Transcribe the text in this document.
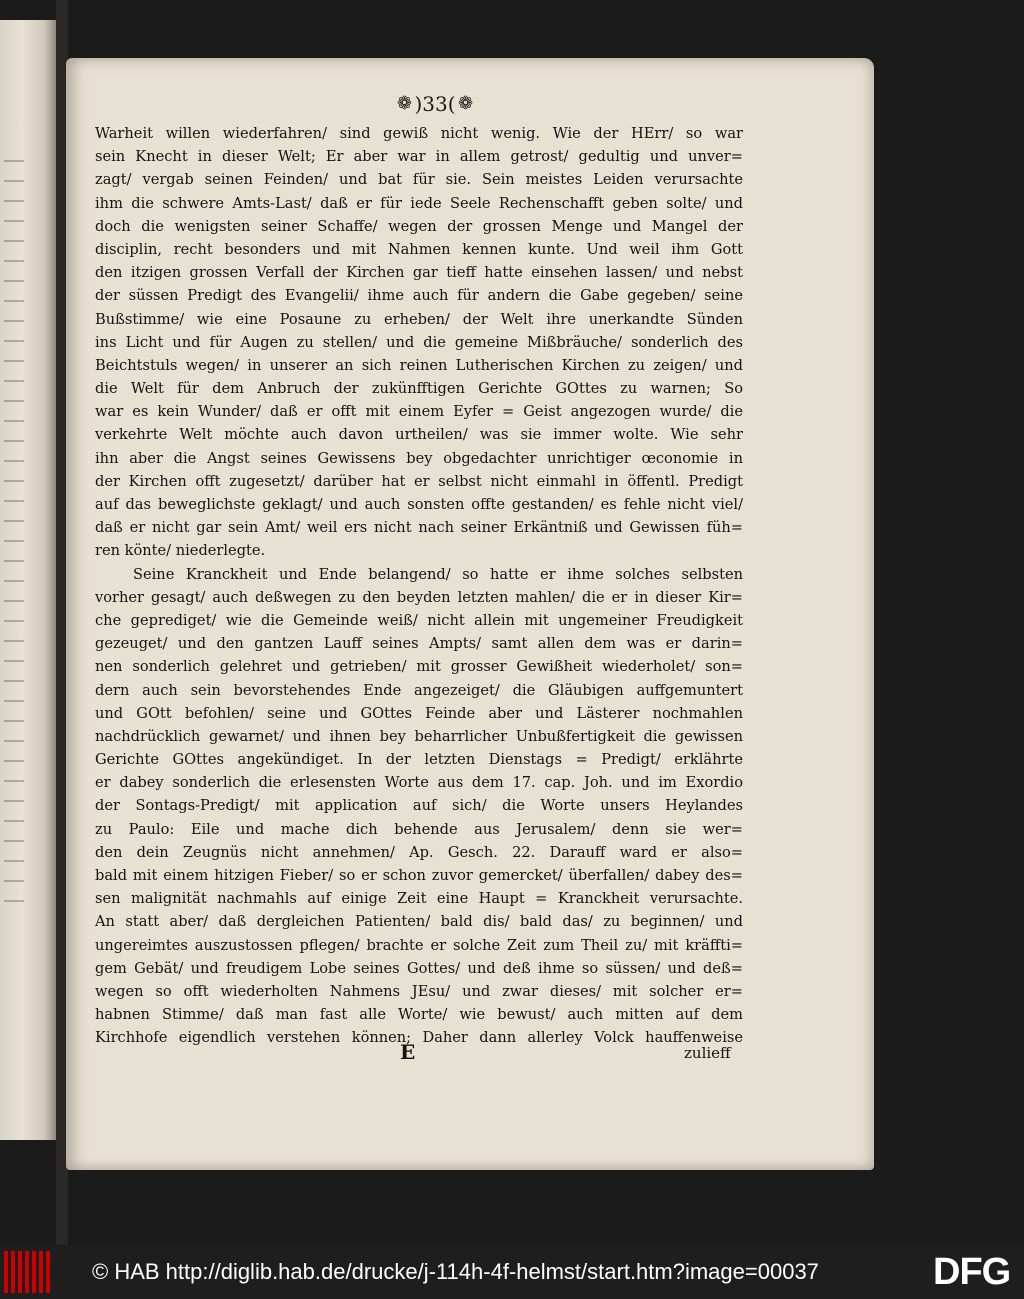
❁ ) 33 ( ❁
Warheit willen wiederfahren/ sind gewiß nicht wenig. Wie der HErr/ so war
sein Knecht in dieser Welt; Er aber war in allem getrost/ gedultig und unver=
zagt/ vergab seinen Feinden/ und bat für sie. Sein meistes Leiden verursachte
ihm die schwere Amts-Last/ daß er für iede Seele Rechenschafft geben solte/ und
doch die wenigsten seiner Schaffe/ wegen der grossen Menge und Mangel der
disciplin, recht besonders und mit Nahmen kennen kunte. Und weil ihm Gott
den itzigen grossen Verfall der Kirchen gar tieff hatte einsehen lassen/ und nebst
der süssen Predigt des Evangelii/ ihme auch für andern die Gabe gegeben/ seine
Bußstimme/ wie eine Posaune zu erheben/ der Welt ihre unerkandte Sünden
ins Licht und für Augen zu stellen/ und die gemeine Mißbräuche/ sonderlich des
Beichtstuls wegen/ in unserer an sich reinen Lutherischen Kirchen zu zeigen/ und
die Welt für dem Anbruch der zukünfftigen Gerichte GOttes zu warnen; So
war es kein Wunder/ daß er offt mit einem Eyfer = Geist angezogen wurde/ die
verkehrte Welt möchte auch davon urtheilen/ was sie immer wolte. Wie sehr
ihn aber die Angst seines Gewissens bey obgedachter unrichtiger œconomie in
der Kirchen offt zugesetzt/ darüber hat er selbst nicht einmahl in öffentl. Predigt
auf das beweglichste geklagt/ und auch sonsten offte gestanden/ es fehle nicht viel/
daß er nicht gar sein Amt/ weil ers nicht nach seiner Erkäntniß und Gewissen füh=
ren könte/ niederlegte.
Seine Kranckheit und Ende belangend/ so hatte er ihme solches selbsten
vorher gesagt/ auch deßwegen zu den beyden letzten mahlen/ die er in dieser Kir=
che geprediget/ wie die Gemeinde weiß/ nicht allein mit ungemeiner Freudigkeit
gezeuget/ und den gantzen Lauff seines Ampts/ samt allen dem was er darin=
nen sonderlich gelehret und getrieben/ mit grosser Gewißheit wiederholet/ son=
dern auch sein bevorstehendes Ende angezeiget/ die Gläubigen auffgemuntert
und GOtt befohlen/ seine und GOttes Feinde aber und Lästerer nochmahlen
nachdrücklich gewarnet/ und ihnen bey beharrlicher Unbußfertigkeit die gewissen
Gerichte GOttes angekündiget. In der letzten Dienstags = Predigt/ erklährte
er dabey sonderlich die erlesensten Worte aus dem 17. cap. Joh. und im Exordio
der Sontags-Predigt/ mit application auf sich/ die Worte unsers Heylandes
zu Paulo: Eile und mache dich behende aus Jerusalem/ denn sie wer=
den dein Zeugnüs nicht annehmen/ Ap. Gesch. 22. Darauff ward er also=
bald mit einem hitzigen Fieber/ so er schon zuvor gemercket/ überfallen/ dabey des=
sen malignität nachmahls auf einige Zeit eine Haupt = Kranckheit verursachte.
An statt aber/ daß dergleichen Patienten/ bald dis/ bald das/ zu beginnen/ und
ungereimtes auszustossen pflegen/ brachte er solche Zeit zum Theil zu/ mit kräffti=
gem Gebät/ und freudigem Lobe seines Gottes/ und deß ihme so süssen/ und deß=
wegen so offt wiederholten Nahmens JEsu/ und zwar dieses/ mit solcher er=
habnen Stimme/ daß man fast alle Worte/ wie bewust/ auch mitten auf dem
Kirchhofe eigendlich verstehen können; Daher dann allerley Volck hauffenweise
E	zulieff
© HAB http://diglib.hab.de/drucke/j-114h-4f-helmst/start.htm?image=00037	DFG
